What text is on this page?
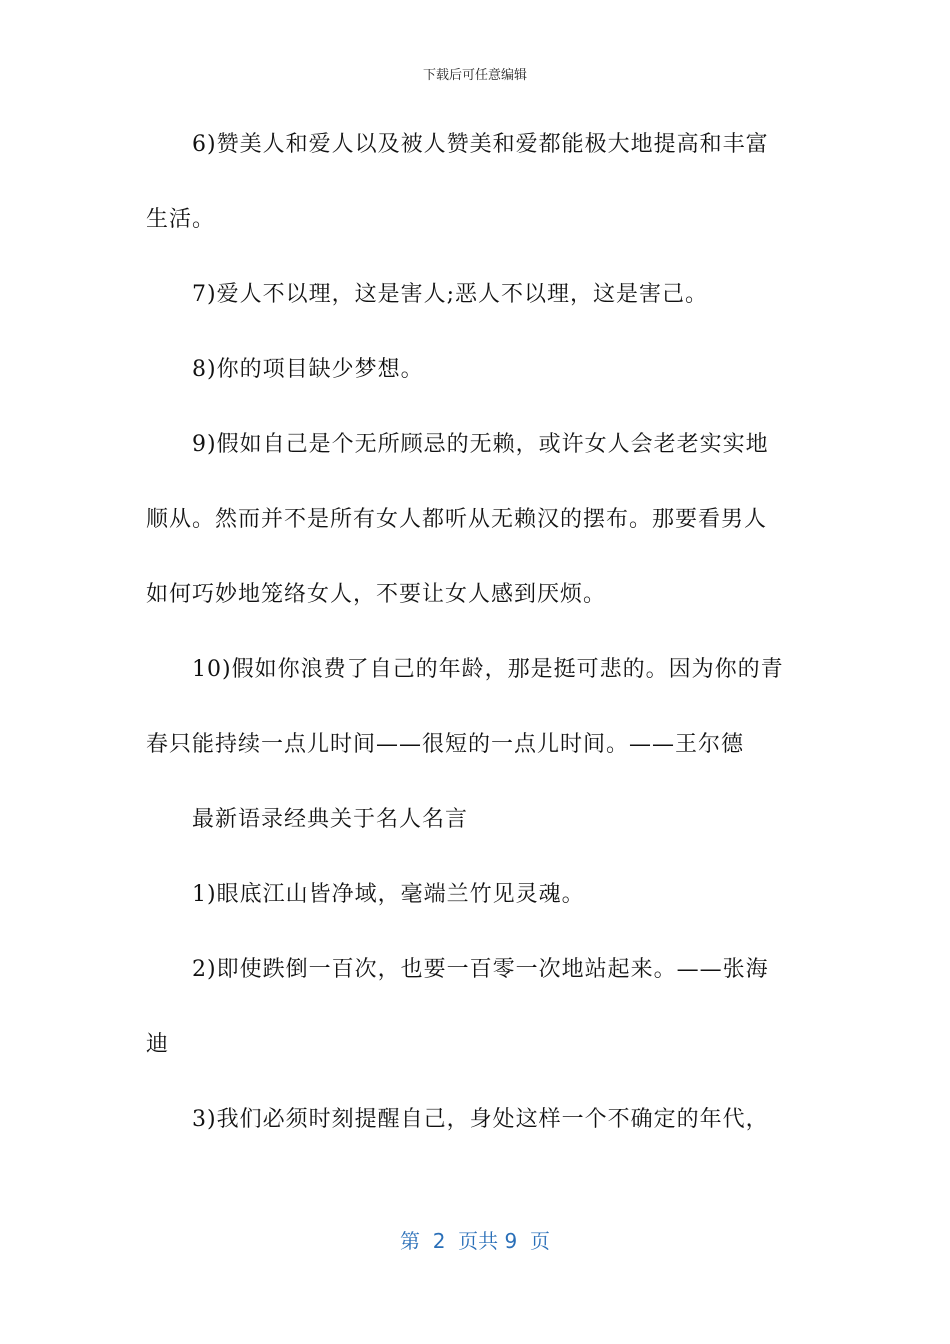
下载后可任意编辑
6)赞美人和爱人以及被人赞美和爱都能极大地提高和丰富
生活。
7)爱人不以理，这是害人;恶人不以理，这是害己。
8)你的项目缺少梦想。
9)假如自己是个无所顾忌的无赖，或许女人会老老实实地
顺从。然而并不是所有女人都听从无赖汉的摆布。那要看男人
如何巧妙地笼络女人，不要让女人感到厌烦。
10)假如你浪费了自己的年龄，那是挺可悲的。因为你的青
春只能持续一点儿时间——很短的一点儿时间。——王尔德
最新语录经典关于名人名言
1)眼底江山皆净域，毫端兰竹见灵魂。
2)即使跌倒一百次，也要一百零一次地站起来。——张海
迪
3)我们必须时刻提醒自己，身处这样一个不确定的年代，
第  2  页共 9  页
